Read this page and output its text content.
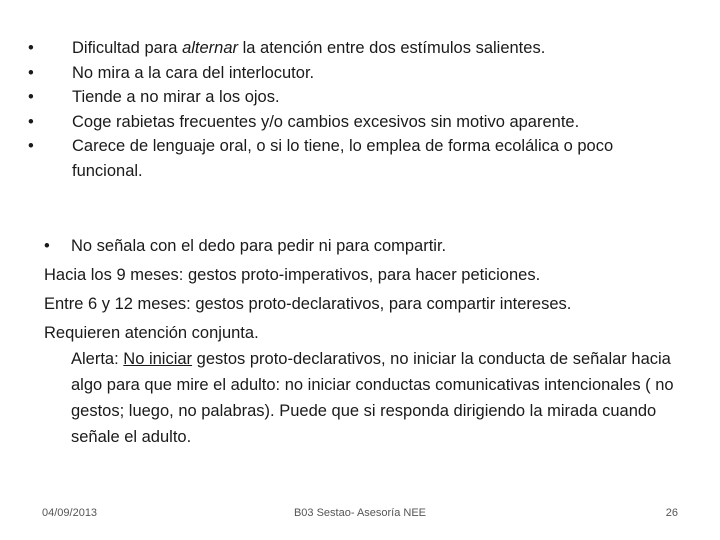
•	Dificultad para alternar la atención entre dos estímulos salientes.
•	No mira a la cara del interlocutor.
•	Tiende a no mirar a los ojos.
•	Coge rabietas frecuentes y/o cambios excesivos sin motivo aparente.
•	Carece de lenguaje oral, o si lo tiene, lo emplea de forma ecolálica o poco funcional.
• No señala con el dedo para pedir ni para compartir.
Hacia los 9 meses: gestos proto-imperativos, para hacer peticiones.
Entre 6 y 12 meses: gestos proto-declarativos, para compartir intereses.
Requieren atención conjunta.
Alerta: No iniciar gestos proto-declarativos, no iniciar la conducta de señalar hacia algo para que mire el adulto: no iniciar conductas comunicativas intencionales ( no gestos; luego, no palabras). Puede que si responda dirigiendo la mirada cuando señale el adulto.
04/09/2013	B03 Sestao- Asesoría NEE	26
